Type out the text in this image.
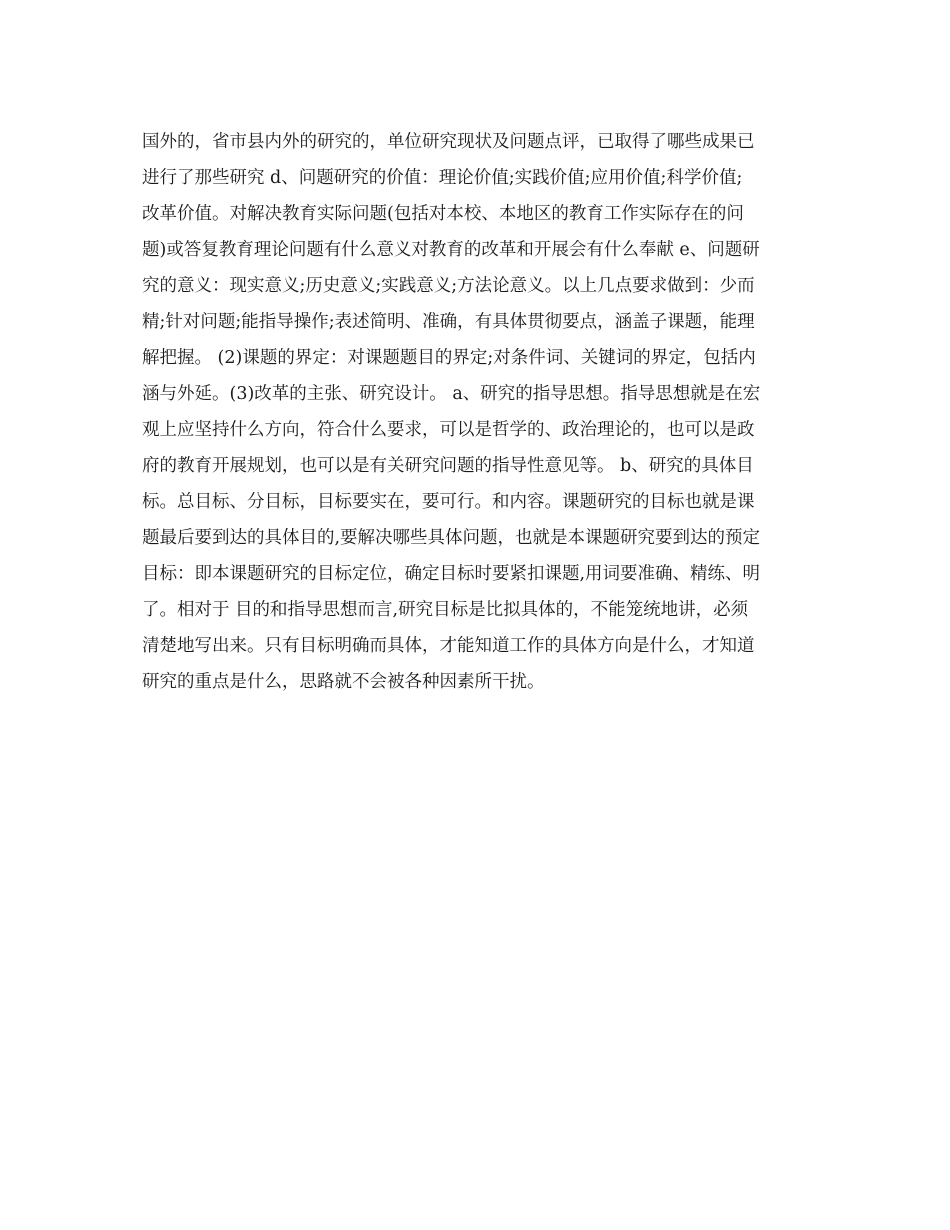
国外的，省市县内外的研究的，单位研究现状及问题点评，已取得了哪些成果已
进行了那些研究 d、问题研究的价值：理论价值;实践价值;应用价值;科学价值;
改革价值。对解决教育实际问题(包括对本校、本地区的教育工作实际存在的问
题)或答复教育理论问题有什么意义对教育的改革和开展会有什么奉献 e、问题研
究的意义：现实意义;历史意义;实践意义;方法论意义。以上几点要求做到：少而
精;针对问题;能指导操作;表述简明、准确，有具体贯彻要点，涵盖子课题，能理
解把握。 (2)课题的界定：对课题题目的界定;对条件词、关键词的界定，包括内
涵与外延。(3)改革的主张、研究设计。 a、研究的指导思想。指导思想就是在宏
观上应坚持什么方向，符合什么要求，可以是哲学的、政治理论的，也可以是政
府的教育开展规划，也可以是有关研究问题的指导性意见等。 b、研究的具体目
标。总目标、分目标，目标要实在，要可行。和内容。课题研究的目标也就是课
题最后要到达的具体目的,要解决哪些具体问题，也就是本课题研究要到达的预定
目标：即本课题研究的目标定位，确定目标时要紧扣课题,用词要准确、精练、明
了。相对于 目的和指导思想而言,研究目标是比拟具体的，不能笼统地讲，必须
清楚地写出来。只有目标明确而具体，才能知道工作的具体方向是什么，才知道
研究的重点是什么，思路就不会被各种因素所干扰。
